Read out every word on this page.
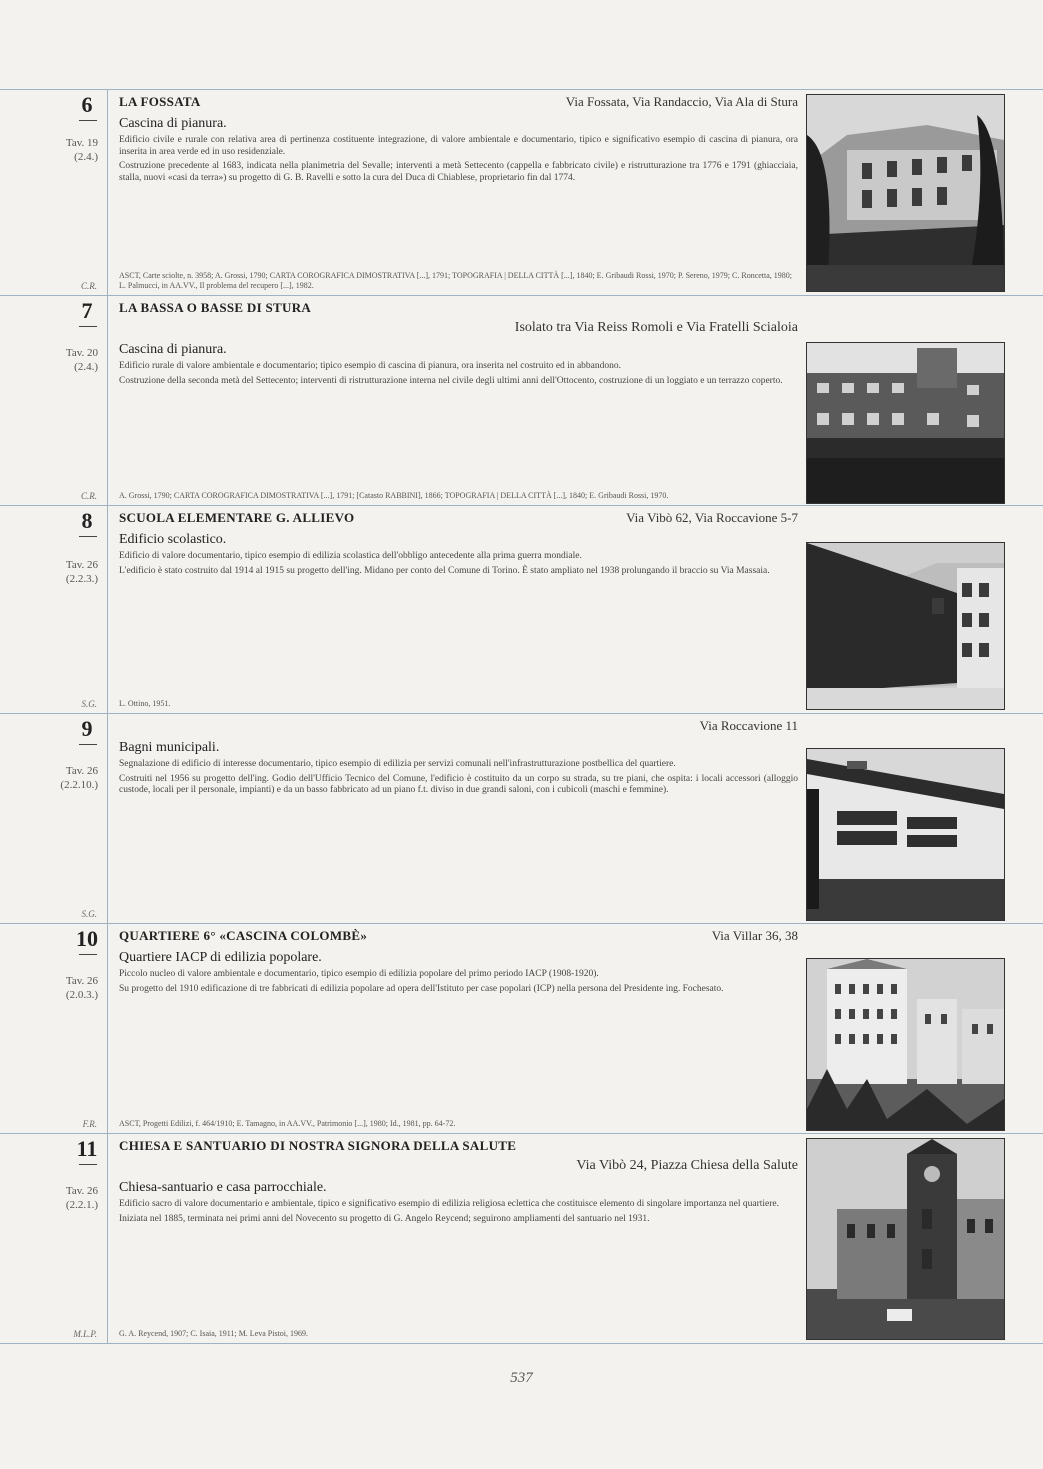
6
Tav. 19
(2.4.)
C.R.
LA FOSSATA	Via Fossata, Via Randaccio, Via Ala di Stura
Cascina di pianura.

Edificio civile e rurale con relativa area di pertinenza costituente integrazione, di valore ambientale e documentario, tipico e significativo esempio di cascina di pianura, ora inserita in area verde ed in uso residenziale.

Costruzione precedente al 1683, indicata nella planimetria del Sevalle; interventi a metà Settecento (cappella e fabbricato civile) e ristrutturazione tra 1776 e 1791 (ghiacciaia, stalla, nuovi «casi da terra») su progetto di G. B. Ravelli e sotto la cura del Duca di Chiablese, proprietario fin dal 1774.

ASCT, Carte sciolte, n. 3958; A. Grossi, 1790; CARTA COROGRAFICA DIMOSTRATIVA [...], 1791; TOPOGRAFIA | DELLA CITTÀ [...], 1840; E. Gribaudi Rossi, 1970; P. Sereno, 1979; C. Roncetta, 1980; L. Palmucci, in AA.VV., Il problema del recupero [...], 1982.
7
Tav. 20
(2.4.)
C.R.
LA BASSA O BASSE DI STURA
Isolato tra Via Reiss Romoli e Via Fratelli Scialoia
Cascina di pianura.

Edificio rurale di valore ambientale e documentario; tipico esempio di cascina di pianura, ora inserita nel costruito ed in abbandono.

Costruzione della seconda metà del Settecento; interventi di ristrutturazione interna nel civile degli ultimi anni dell'Ottocento, costruzione di un loggiato e un terrazzo coperto.

A. Grossi, 1790; CARTA COROGRAFICA DIMOSTRATIVA [...], 1791; [Catasto RABBINI], 1866; TOPOGRAFIA | DELLA CITTÀ [...], 1840; E. Gribaudi Rossi, 1970.
8
Tav. 26
(2.2.3.)
S.G.
SCUOLA ELEMENTARE G. ALLIEVO	Via Vibò 62, Via Roccavione 5-7
Edificio scolastico.

Edificio di valore documentario, tipico esempio di edilizia scolastica dell'obbligo antecedente alla prima guerra mondiale.

L'edificio è stato costruito dal 1914 al 1915 su progetto dell'ing. Midano per conto del Comune di Torino. È stato ampliato nel 1938 prolungando il braccio su Via Massaia.

L. Ottino, 1951.
9
Tav. 26
(2.2.10.)
S.G.
Via Roccavione 11
Bagni municipali.

Segnalazione di edificio di interesse documentario, tipico esempio di edilizia per servizi comunali nell'infrastrutturazione postbellica del quartiere.

Costruiti nel 1956 su progetto dell'ing. Godio dell'Ufficio Tecnico del Comune, l'edificio è costituito da un corpo su strada, su tre piani, che ospita: i locali accessori (alloggio custode, locali per il personale, impianti) e da un basso fabbricato ad un piano f.t. diviso in due grandi saloni, con i cubicoli (maschi e femmine).

10
Tav. 26
(2.0.3.)
F.R.
QUARTIERE 6° «CASCINA COLOMBÈ»	Via Villar 36, 38
Quartiere IACP di edilizia popolare.

Piccolo nucleo di valore ambientale e documentario, tipico esempio di edilizia popolare del primo periodo IACP (1908-1920).

Su progetto del 1910 edificazione di tre fabbricati di edilizia popolare ad opera dell'Istituto per case popolari (ICP) nella persona del Presidente ing. Fochesato.

ASCT, Progetti Edilizi, f. 464/1910; E. Tamagno, in AA.VV., Patrimonio [...], 1980; Id., 1981, pp. 64-72.
11
Tav. 26
(2.2.1.)
M.L.P.
CHIESA E SANTUARIO DI NOSTRA SIGNORA DELLA SALUTE
Via Vibò 24, Piazza Chiesa della Salute
Chiesa-santuario e casa parrocchiale.

Edificio sacro di valore documentario e ambientale, tipico e significativo esempio di edilizia religiosa eclettica che costituisce elemento di singolare importanza nel quartiere.

Iniziata nel 1885, terminata nei primi anni del Novecento su progetto di G. Angelo Reycend; seguirono ampliamenti del santuario nel 1931.

G. A. Reycend, 1907; C. Isaia, 1911; M. Leva Pistoi, 1969.
537
